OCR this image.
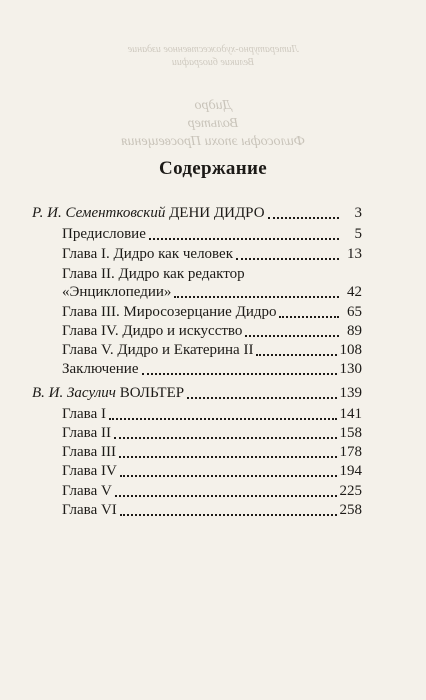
Литературно-художественное издание
Великие биографии
Дидро
Вольтер
Философы эпохи Просвещения
Содержание
Р. И. Сементковский ДЕНИ ДИДРО	3
Предисловие	5
Глава I. Дидро как человек	13
Глава II. Дидро как редактор
«Энциклопедии»	42
Глава III. Миросозерцание Дидро	65
Глава IV. Дидро и искусство	89
Глава V. Дидро и Екатерина II	108
Заключение	130
В. И. Засулич ВОЛЬТЕР	139
Глава I	141
Глава II	158
Глава III	178
Глава IV	194
Глава V	225
Глава VI	258
